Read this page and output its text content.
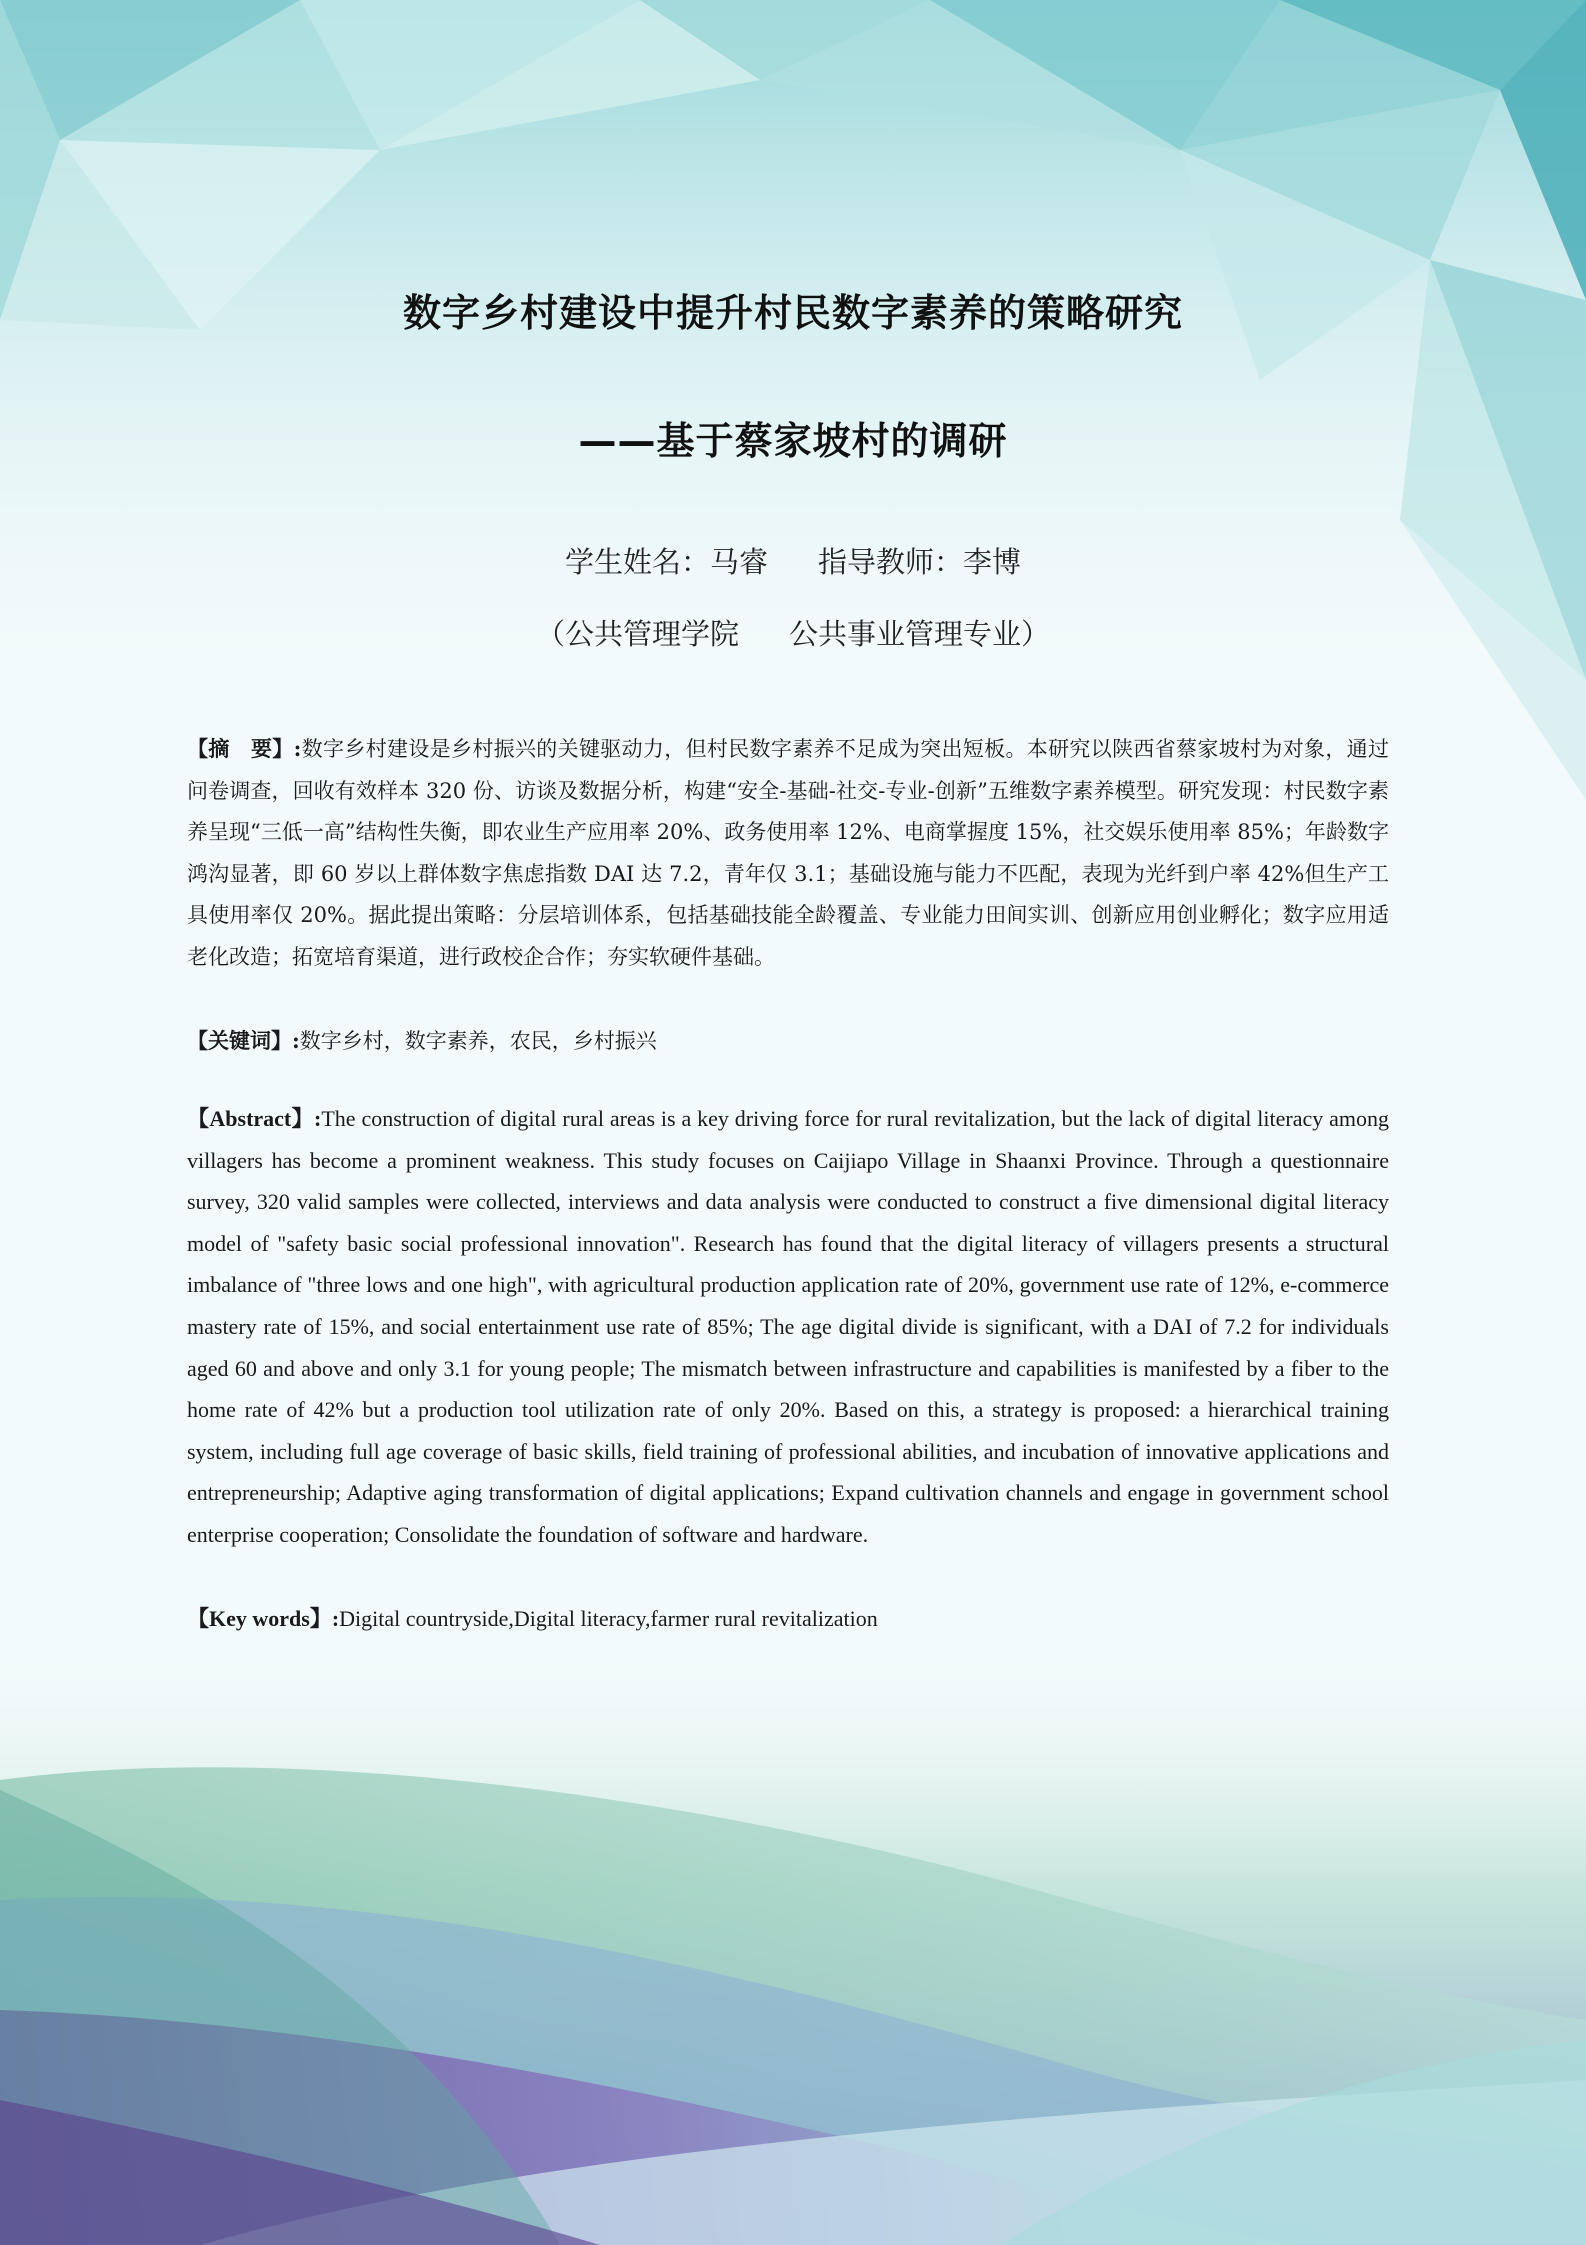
数字乡村建设中提升村民数字素养的策略研究
——基于蔡家坡村的调研
学生姓名：马睿 指导教师：李博
（公共管理学院 公共事业管理专业）
【摘　要】:数字乡村建设是乡村振兴的关键驱动力，但村民数字素养不足成为突出短板。本研究以陕西省蔡家坡村为对象，通过问卷调查，回收有效样本 320 份、访谈及数据分析，构建“安全-基础-社交-专业-创新”五维数字素养模型。研究发现：村民数字素养呈现“三低一高”结构性失衡，即农业生产应用率 20%、政务使用率 12%、电商掌握度 15%，社交娱乐使用率 85%；年龄数字鸿沟显著，即 60 岁以上群体数字焦虑指数 DAI 达 7.2，青年仅 3.1；基础设施与能力不匹配，表现为光纤到户率 42%但生产工具使用率仅 20%。据此提出策略：分层培训体系，包括基础技能全龄覆盖、专业能力田间实训、创新应用创业孵化；数字应用适老化改造；拓宽培育渠道，进行政校企合作；夯实软硬件基础。
【关键词】:数字乡村，数字素养，农民，乡村振兴
【Abstract】:The construction of digital rural areas is a key driving force for rural revitalization, but the lack of digital literacy among villagers has become a prominent weakness. This study focuses on Caijiapo Village in Shaanxi Province. Through a questionnaire survey, 320 valid samples were collected, interviews and data analysis were conducted to construct a five dimensional digital literacy model of "safety basic social professional innovation". Research has found that the digital literacy of villagers presents a structural imbalance of "three lows and one high", with agricultural production application rate of 20%, government use rate of 12%, e-commerce mastery rate of 15%, and social entertainment use rate of 85%; The age digital divide is significant, with a DAI of 7.2 for individuals aged 60 and above and only 3.1 for young people; The mismatch between infrastructure and capabilities is manifested by a fiber to the home rate of 42% but a production tool utilization rate of only 20%. Based on this, a strategy is proposed: a hierarchical training system, including full age coverage of basic skills, field training of professional abilities, and incubation of innovative applications and entrepreneurship; Adaptive aging transformation of digital applications; Expand cultivation channels and engage in government school enterprise cooperation; Consolidate the foundation of software and hardware.
【Key words】:Digital countryside,Digital literacy,farmer rural revitalization
